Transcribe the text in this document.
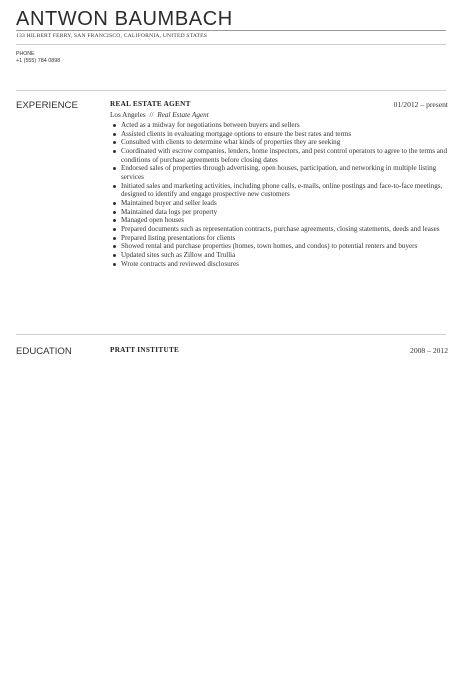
ANTWON BAUMBACH
133 HILBERT FERRY, SAN FRANCISCO, CALIFORNIA, UNITED STATES
PHONE
+1 (555) 784 0898
EXPERIENCE	REAL ESTATE AGENT	01/2012 – present
Los Angeles // Real Estate Agent
Acted as a midway for negotiations between buyers and sellers
Assisted clients in evaluating mortgage options to ensure the best rates and terms
Consulted with clients to determine what kinds of properties they are seeking
Coordinated with escrow companies, lenders, home inspectors, and pest control operators to agree to the terms and conditions of purchase agreements before closing dates
Endorsed sales of properties through advertising, open houses, participation, and networking in multiple listing services
Initiated sales and marketing activities, including phone calls, e-mails, online postings and face-to-face meetings, designed to identify and engage prospective new customers
Maintained buyer and seller leads
Maintained data logs per property
Managed open houses
Prepared documents such as representation contracts, purchase agreements, closing statements, deeds and leases
Prepared listing presentations for clients
Showed rental and purchase properties (homes, town homes, and condos) to potential renters and buyers
Updated sites such as Zillow and Trullia
Wrote contracts and reviewed disclosures
EDUCATION	PRATT INSTITUTE	2008 – 2012
